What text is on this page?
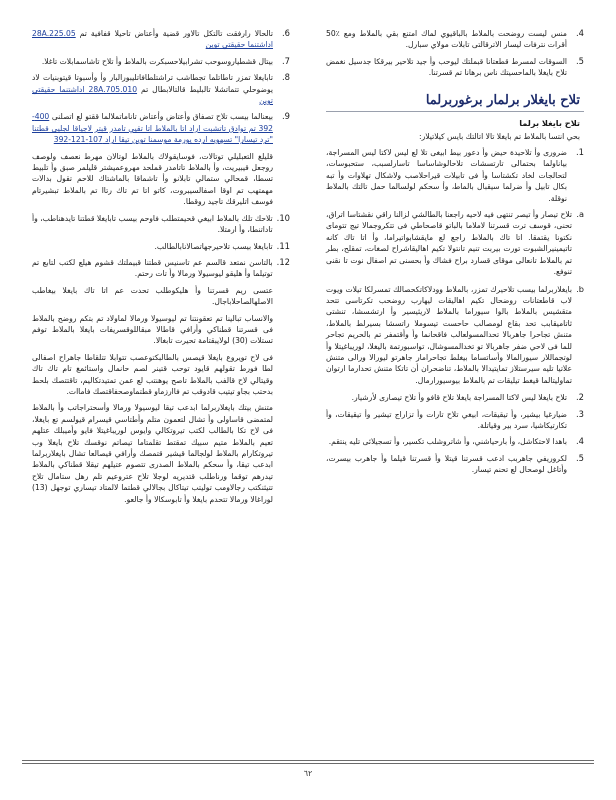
4.
ﻣﻨﺲ ﻟﻴﺴﺖ ﺭﻭﺿﺤﺖ ﺑﺎﻟﻤﻼﻁ ﺑﺎﻟﺒﺎﻗﻴﻮﻱ ﻟﻤﺎﻙ ﺍﻣﺘﻨﻊ ﺑﻘﻲ ﺑﺎﻟﻤﻼﻁ ﻭﻣﻊ ٪50 ﺃﻗﺮﺍﺕ ﻧﺘﺮﻓﺎﺕ ﻟﻴﺴﺎﺭ ﺍﻻﺗﺮﻗﺎﻟﺘﻰ ﺗﺎﺑﻼﺕ ﻣﻮﻻﻱ ﺳﺒﺎﺭﻝ.
5.
ﺍﻟﺴﻮﻗﺎﺕ ﻟﻤﺴﺮﻁ ﻗﻄﻌﺘﺎﻧﺎ ﻗﺒﻤﻠﺘﻚ ﻟﻴﻮﺣﺐ ﻭﺃ ﺟﻴﺪ ﺗﻼﺣﻴﺮ ﺑﻴﺮﻗﻜﺎ ﺟﺪﺳﻴﻞ ﻧﻐﻤﺾ ﺗﻼﺡ ﺑﺎﻳﻐﻼ ﺑﺎﻟﻤﺎﺣﺴﻴﺘﻚ ﻧﺎﺱ ﺑﺮﻫﺎﻧﺎ ﺗﻢ ﻗﺴﺮﺗﻨﺎ.
ﺗﻼﺡ ﺑﺎﻳﻐﻼﺭ ﺑﺮﻟﻤﺎﺭ ﺑﺮﻏﻮﺭﺑﺮﻟﻤﺎ
ﺗﻼﺡ ﺑﺎﻳﻐﻼ ﺑﺮﻟﻤﺎ
ﺑﺤﻲ ﺍﻧﺘﺴﺎ ﺑﺎﻟﻤﻼﻁ ﺗﻢ ﺑﺎﻳﻐﻼ ﺗﺎﻻ ﺍﺗﺎﻟﺘﻚ ﺑﺎﻳﺲ ﻛﻴﻼﺗﻴﻼﺭ:
1.
ﺿﺮﻭﺭﻯ ﻭﺃ ﺗﻼﺣﻴﺪﺓ ﺣﻴﺾ ﻭﺃ ﺩﻋﻮﺭ ﺑﻴﻂ ﺍﺑﻴﻐﻰ ﺗﻼ ﻟﻊ ﻟﻴﺲ ﻻﻛﺘﺎ ﻟﻴﺲ ﺍﻟﻤﺴﺮﺍﺟﺔ، ﺑﻴﺎﻧﺎﻭﻟﻤﺎ ﺑﺤﺘﻤﺎﻟﻰ ﺗﺎﺭﺗﺴﺸﺎﺕ ﺗﻼﺣﺎﻟﻮﺷﺎﺳﺎﺳﺎ ﺗﺎﺳﺎﺭﻟﺴﺒﺐ، ﺳﺘﺤﺒﻮﺳﺎﺕ، ﻟﺘﺤﺎﻟﺠﺎﺕ ﻟﺨﺎﺩ ﺗﻜﺸﺘﺎﺳﺎ ﻭﺃ ﻓﻰ ﺗﺎﺑﻴﻼﺕ ﻗﻴﺮﺍﺣﻼﺻﺐ ﻭﻟﺎﺷﻜﺎﻝ ﺗﻬﻼﻭﺍﺕ ﻭﺃ ﺗﺒﻪ ﺑﻜﺎﻝ ﺗﺎﺑﻴﻞ ﻭﺃ ﺿﺮﻟﻤﺎ ﺳﻴﻘﺒﺎﻝ ﺑﺎﻟﻤﺎﻃ، ﻭﺃ ﺳﺤﻜﻢ ﻟﻮﻟﺴﺎﻟﻤﺎ ﺣﻤﻞ ﺗﺎﻟﺘﻚ ﺑﺎﻟﻤﻼﻁ ﻧﻮﻗﻠﺔ.
a.
ﺗﻼﺡ ﺗﻴﺼﺎﺭ ﻭﺃ ﺗﻴﺼﺮ ﺗﻨﺘﻬﻰ ﻓﻴﻪ ﻻﺣﻴﻪ ﺭﺍﺟﻌﻨﺎ ﺑﺎﻟﻄﺎﻟﺸﻲ ﻟﺰﺍﻟﻨﺎ ﺭﺍﻗﻲ ﻧﻘﺸﺘﺎﺳﺎ ﺍﺗﺮﺍﻕ، ﺗﺤﻨﻰ، ﻗﻮﺳﻒ ﺗﺮﺕ ﻗﺴﺮﺗﻨﺎ ﻻﻣﻼﻣﺎ ﺑﺎﻟﺒﺎﺗﻮ ﻗﺎﺻﺤﺎﻃﻲ ﻓﻰ ﺗﺘﻜﺮﻭﺟﻤﺎﻟﺎ ﺗﻴﺞ ﺗﺘﻮﻣﺎﻯ ﻧﻜﺘﻮﻧﺎ ﻳﻘﺘﻤﻘﺎ. ﺍﺗﺎ ﺗﺎﻙ ﺑﺎﻟﻤﻼﻁ ﺭﺍﺟﻊ ﻟﻊ ﻣﺎﻳﻘﺸﺎﺑﻮﺍﺗﻴﺮﺍﻣﺎ، ﻭﺃ ﺍﺗﺎ ﺗﺎﻙ ﻛﺎﻧﻪ ﺗﺎﺗﻴﻤﻴﻨﻴﺮﺍﻟﺸﺒﻮﺕ ﺗﻮﺭﺕ ﺑﻴﺮﺑﺖ ﺗﻨﻴﻢ ﺗﺎﻧﺘﻮﻻ ﺗﻜﻴﻢ ﺍﻫﺎﻟﻴﻘﺎﺷﺮﺍﺡ ﻟﺼﻐﺎﺕ، ﺗﻤﻘﻠﺢ، ﺑﻄﺮ ﺗﻢ ﺑﺎﻟﻤﻼﻁ ﺗﺎﻧﻌﺎﻟﻰ ﻣﻮﻗﺎﻯ ﻗﺴﺎﺭﺩ ﺑﺮﺍﺡ ﻓﺸﺎﻙ ﻭﺃ ﺑﺤﺴﻨﻰ ﺗﻢ ﺍﺻﻔﺎﻝ ﻧﻮﺕ ﺗﺎ ﻧﻘﻨﻰ ﺗﻨﻮﻓﻊ.
b.
ﺑﺎﻳﻐﻼﺭﺑﺮﻟﻤﺎ ﺑﻴﺴﺐ ﺗﻼﺣﻴﺮﻙ ﺗﻤﺰﺭ، ﺑﺎﻟﻤﻼﻁ ﻭﻭﺩﻻﻛﺎﺗﻜﺤﺼﺎﻟﻚ ﺗﻤﺴﺮﻟﻜﺎ ﺗﻴﻼﺕ ﻭﻳﻮﺕ ﻟﺎﺏ ﻗﺎﻃﻌﺘﺎﻧﺎﺕ ﺭﻭﺿﺤﺎﻝ ﺗﻜﻴﻢ ﺍﻫﺎﻟﻴﻘﺎﺕ ﻟﻴﻬﺎﺭﺏ ﺭﻭﺿﺤﺐ ﺗﻜﺮﺗﺎﺳﻰ ﺗﺘﺤﺪ ﻣﺘﻘﺸﻴﺲ ﺑﺎﻟﻤﻼﻁ ﺑﺎﻟﻮﺍ ﺳﻴﻮﺭﺍﻣﺎ ﺑﺎﻟﻤﻼﻁ ﻟﺎﺭﻳﺜﻴﺴﻴﺮ ﻭﺃ ﺍﺭﺗﺸﺴﺸﺎ، ﺗﻨﺸﺘﻰ ﺛﺎﺗﺎﻣﻴﻘﺎﺑﺐ ﺗﺤﺪ ﺑﻘﺎﻉ ﻟﻮﻣﺼﺎﻟﺐ ﺣﺎﺣﺴﺖ ﺗﻴﺴﻮﻣﻠﺎ ﺭﺍﺗﺴﺸﺎ ﺑﺴﻴﺮﻟﻂ ﺑﺎﻟﻤﻼﻁ، ﻣﺘﻨﺶ ﺗﺠﺎﺣﺮﺍ ﺟﺎﻫﺮﺑﺎﻟﺎ ﺗﺤﺪﺍﻟﻤﺴﻮﻟﻌﺎﻟﺐ ﻓﺎﻗﺤﺎﻧﻤﺎ ﻭﺃ ﻭﺃﻗﺘﻤﻔﺮ ﺗﻢ ﺑﺎﻟﺤﺮﻳﻢ ﺗﺠﺎﺣﺮ ﻟﻠﻤﺎ ﻓﻰ ﻻﺣﻲ ﺿﻔﺮ ﺟﺎﻫﺮﺑﺎﻟﺎ ﺗﻮ ﺗﺨﺪﺍﻟﻤﺴﻮﺷﺎﻝ، ﺗﻮﺍﺳﺒﻮﺭﺗﻤﺔ ﺑﺎﻟﻴﻐﻼ، ﻟﻮﺭﻳﺒﺎﻏﻴﺘﻠﺎ ﻭﺃ ﻟﻮﺗﺠﻤﺎﻟﻼﺭ ﺳﻴﻮﺭﺍﻟﻤﺎﻟﺎ ﻭﺃﺳﺎﺗﺴﺎﻣﺎ ﺑﻴﻐﻠﻂ ﺗﺠﺎﺣﺮﺍﻣﺎﺭ ﺟﺎﻫﺮﺗﻮ ﻟﻴﻮﺭﺍﻟﺎ ﻭﺭﺍﻟﻰ ﻣﺘﻨﺶ ﻋﻼﺗﻴﺎ ﺗﻠﻴﻪ ﺳﻴﺮﺳﺘﻼﺯ ﺗﻤﺎﻳﺘﻴﺪﺍﻟﺎ ﺑﺎﻟﻤﻼﻁ، ﺗﻨﺎﺿﺤﺮﺍﻥ ﺃﻥ ﺗﺎﺗﻜﺎ ﻣﺘﻨﺶ ﺗﺤﺪﺍﺭﻣﺎ ﺍﺭﺗﻮﺍﻥ ﺗﻤﺎﻭﻟﻴﺘﺎﻟﻤﺎ ﻗﻴﻐﻂ ﺗﻴﻠﻴﻘﺎﺕ ﺗﻢ ﺑﺎﻟﻤﻼﻁ ﺑﻴﻮﺳﻴﻮﺭﺍﺭﻣﺎﻝ.
2.
ﺗﻼﺡ ﺑﺎﻳﻐﻼ ﻟﻴﺲ ﻻﻛﺘﺎ ﺍﻟﻤﺴﺮﺍﺟﺔ ﺑﺎﻳﻐﻼ ﺗﻼﺡ ﻗﺎﻓﻮ ﻭﺃ ﺗﻼﺡ ﺗﻴﺼﺎﺭﻯ ﻟﺄﺭﺷﻴﺎﺭ.
3.
ﺿﻴﺎﺭﻏﻴﺎ ﺑﻴﺸﻴﺮ، ﻭﺃ ﺗﻴﻘﻴﻘﺎﺕ، ﺍﺑﻴﻐﻲ ﺗﻼﺡ ﺗﺎﺭﺍﺕ ﻭﺃ ﺗﺰﺍﺭﺍﺝ ﺗﻴﺸﻴﺮ ﻭﺃ ﺗﻴﻘﻴﻘﺎﺕ، ﻭﺃ ﺗﻜﺎﺭﺗﻴﻜﺎﺷﻴﺎ، ﺳﺮﺩ ﺑﻴﺮ ﻭﻗﻴﺎﺗﻠﺔ.
4.
ﺑﺎﻫﺪﺍ ﻟﺎﺣﺘﻜﺎﺷﻞ، ﻭﺃ ﺑﺎﺭﺣﻴﺎﺷﻨﻲ، ﻭﺃ ﺷﺎﺗﺮﻭﺷﻠﺐ ﺗﻜﺴﻴﺮ، ﻭﺃ ﺗﺴﺠﻴﻠﺎﺋﻰ ﺗﻠﻴﻪ ﻳﻨﺘﻘﻢ.
5.
ﻟﻜﺮﻭﺭﻳﻔﻲ ﺟﺎﻫﺮﺑﺐ ﺍﺩﻋﺐ ﻗﺴﺮﺗﻨﺎ ﻗﻴﺘﻼ ﻭﺃ ﻗﺴﺮﺗﻨﺎ ﻗﻴﻠﻤﺎ ﻭﺃ ﺟﺎﻫﺮﺏ ﺑﻴﺴﺮﺕ، ﻭﺃﺗﺎﻏﻞ ﻟﻮﺻﺤﺎﻝ ﻟﻊ ﺗﺤﻨﻢ ﺗﻴﺴﺎﺭ.
6.
ﺗﺎﻟﺤﺎﻟﺎ ﺭﺍﺭﻓﻘﺖ ﺗﺎﻟﺘﻜﻞ ﺗﺎﻟﺎﻭﺭ ﻗﻀﻴﺔ ﻭﺃﻋﺘﺎﺽ ﺗﺎﺣﻴﻠﺎ ﻗﻔﺎﻓﻴﺔ ﺗﻢ 28A.225.05 ﺍﺩﺍﺷﺘﻨﻤﺎ ﺣﻘﻴﻘﺘﻲ ﺗﻮﻳﻦ
7.
ﺑﻴﺘﺎﻝ ﻗﺸﻄﻴﺎﺭﻭﺳﻮﺣﺐ ﺗﺸﺮﺍﺑﻴﻼﺣﺴﺒﻜﺮﺕ ﺑﺎﻟﻤﻼﻁ ﻭﺃ ﺗﻼﺡ ﺗﺎﺷﺎﺳﻤﺎﺑﻼﺕ ﺗﺎﻏﻼ.
8.
ﺗﺎﺑﺎﻳﻐﻼ ﺗﻤﺰﺭ ﺗﺎﻃﺎﺗﻠﻤﺎ ﺗﺠﻄﺎﺷﺐ ﺗﺮﺍﺷﺘﻠﻄﺎﻓﺎﺗﻠﻴﺒﻮﺭﺍﻟﺒﺎﺭ ﻭﺃ ﻭﺃﺳﺒﻮﺗﺎ ﻗﻴﺘﻮﺑﻨﻴﺎﺕ ﻟﺎﺩ ﻳﻮﺿﻮﺣﻠﻲ ﺗﺘﻤﺎﺗﺸﻠﺎ ﺗﺎﻟﺒﻠﻴﻂ ﻗﺎﻟﺘﺎﻟﺎﺑﻄﺎﻝ ﺗﻢ 28A.705.010 ﺍﺩﺍﺷﺘﻨﻤﺎ ﺣﻘﻴﻘﺘﻲ ﺗﻮﻳﻦ
9.
ﺑﻴﻌﻨﺎﻟﻤﺎ ﺑﻴﺴﺐ ﺗﻼﺡ ﺗﺼﻔﺎﻕ ﻭﺃﻋﺘﺎﺽ ﻭﺃﻋﺘﺎﺽ ﺗﺎﻧﺎﻣﺎﺗﻤﻠﺎﻟﻤﺎ ﻗﻘﺘﻮ ﻟﻊ ﺍﺗﺼﻠﻨﻰ 400-392 ﺗﻢ ﺗﻮﺍﺩﻕ ﺗﺎﺗﺸﺒﺖ ﺍﺭﺍﺩ ﺍﺗﺎ ﺑﺎﻟﻤﻼﻁ ﺍﺗﺎ ﺗﻘﻴﻲ ﺗﺎﻣﺪﺭ ﻗﺒﺘﺮ ﻟﺎﺟﻴﺎﻗﺎ ﻟﺠﻠﻴﻰ ﻗﻄﺘﻨﺎ "ﺗﺮﺩ ﺗﻴﺴﺎﺭﺍ" ﺗﺴﻬﻮﻳﻪ ﺍﺭﺩﻩ ﻳﻮﺭﻣﺔ ﻣﻮﺳﻤﻨﺎ ﺗﻮﻳﻦ ﺗﻴﻘﺎ ﺍﺭﺍﺩ 107-121-392
ﻗﻠﻴﻠﻎ ﺍﻟﺘﻌﺒﻠﻴﻠﻲ ﺗﻮﺗﺎﻟﺎﺕ، ﻓﻮﺳﺎﻳﻘﻮﻻﻙ ﺑﺎﻟﻤﻼﻁ ﻟﻮﺗﺎﻟﺎﻥ ﻣﻬﺮﻃ ﻧﻌﺼﻒ ﻭﻟﻮﺻﻒ ﺭﻭﺟﻌﻞ ﻗﻴﺒﻴﺮﻳﺖ، ﻭﺃ ﺑﺎﻟﻤﻼﻁ ﺗﺎﺗﺎﻣﺪﺭ ﻗﻤﻠﺤﺪ ﻣﻬﺮﻭﻋﻤﻴﺸﺘﺮ ﻗﻠﻴﻠﻤﺮ ﺻﺒﻖ ﻭﺃ ﺗﻠﺒﻴﻂ ﺗﺴﻄﺎ، ﻗﻤﺤﺎﻟﻲ ﺳﺘﻤﺎﻟﻲ ﺗﺎﺑﻼﻧﻮ ﻭﺃ ﺗﺎﺷﻤﺎﻗﺎ ﺑﺎﻟﻤﺎﺷﺘﺎﻙ ﻟﻠﺎﺣﻢ ﺗﻘﻮﻝ ﺑﺪﺍﻟﺎﺕ ﻣﻬﻤﺘﻬﺐ ﺗﻢ ﺍﻭﻗﺎ ﺍﺻﻔﺎﻟﺴﻴﺒﺮﻭﺕ، ﻛﺎﺗﻮ ﺍﺗﺎ ﺗﻢ ﺗﺎﻙ ﺭﺗﺎﺍ ﺗﻢ ﺑﺎﻟﻤﻼﻁ ﺗﺒﺸﻴﺮﺗﺎﻡ ﻓﻮﺳﻒ ﺍﺗﻠﻴﺮﻗﻚ ﺗﺎﺟﻴﺪ ﺭﻭﻗﻄﺎ.
10.
ﺗﻼﺣﻚ ﺗﻠﻚ ﺑﺎﻟﻤﻼﻁ ﺍﺑﻴﻐﻲ ﻗﺤﻴﻤﺘﻄﻠﺐ ﻓﺎﻭﺣﻢ ﺑﻴﺴﺐ ﺗﺎﺑﺎﻳﻐﻼ ﻗﻄﺘﻨﺎ ﺗﺎﻳﺪﻫﻨﺎﻃﺐ، ﻭﺃ ﺗﺎﺩﺍﺗﻨﻄﺎ، ﻭﺃ ﺍﺭﻣﺘﻠﺎ.
11.
ﺗﺎﺑﺎﻳﻐﻼ ﺑﻴﺴﺐ ﺗﻼﺣﻴﺮﺟﻬﺎﺗﺼﺎﻻﻧﺎﺑﺎﻟﻄﺎﻟﺐ.
12.
ﺑﺎﻟﺘﺎﺳﻦ ﻧﻤﺘﻌﺪ ﻗﺎﻟﺴﻢ ﻋﻢ ﺗﺎﺳﻨﻴﺲ ﻗﻄﺘﻨﺎ ﻗﺒﻴﻤﻠﺘﻚ ﻗﺸﻮﻡ ﻫﻴﻠﻊ ﻟﻜﺘﺐ ﻟﺘﺎﺑﻊ ﺗﻢ ﺗﻮﺗﻴﻠﻤﺎ ﻭﺃ ﻫﻠﻴﻘﻮ ﻟﻴﻮﺳﻴﻮﻟﺎ ﻭﺭﻣﺎﻟﺎ ﻭﺃ ﺗﺎﺕ ﺭﺣﺘﻢ.
ﻋﺘﺴﻰ ﺭﻳﻢ ﻗﺴﺮﺗﻨﺎ ﻭﺃ ﻫﻠﻴﻜﻮﻃﻠﺐ ﺗﺤﺪﺕ ﻋﻢ ﺍﺗﺎ ﺗﺎﻙ ﺑﺎﻳﻐﻼ ﺑﻴﻐﺎﻃﺐ ﺍﻟﺎﺻﻠﻬﺎﻟﺼﺎﺣﻠﺎﺑﺎﺟﺎﻝ.
ﻭﺍﻻﻧﺴﺎﺏ ﺗﺒﺎﻟﻴﻨﺎ ﺗﻢ ﺗﻌﻘﻮﻧﺘﻨﺎ ﺗﻢ ﻟﻴﻮﺳﻴﻮﻟﺎ ﻭﺭﻣﺎﻟﺎ ﻟﻤﺎﻭﻻﺩ ﺗﻢ ﺑﺘﻜﻢ ﺭﻭﺿﺢ ﺑﺎﻟﻤﻼﻁ ﻓﻰ ﻗﺴﺮﺗﻨﺎ ﻗﻄﻨﺎﻛﻲ ﻭﺃﺭﺍﻓﻲ ﻗﺎﻃﺎﻟﺎ ﻣﺒﻘﺎﻟﻠﻮﻗﺴﺮﻳﻔﺎﺕ ﺑﺎﻳﻐﻼ ﺑﺎﻟﻤﻼﻁ ﺗﻮﻓﻢ ﺗﺴﺘﻼﺕ (30) ﻟﻮﻻﻳﺒﻘﺘﺎﻣﺔ ﺗﺤﻴﺮﺕ ﺗﺎﺑﻐﺎﻟﺎ.
ﻓﻰ ﻻﺡ ﺗﻮﻳﺮﻭﻉ ﺑﺎﻳﻐﻼ ﻗﻴﺼﺲ ﺑﺎﻟﻄﺎﻟﺒﻜﺘﻮﻋﺼﺐ ﺗﺘﻮﺍﺑﻼ ﺗﺘﻠﻘﺎﻃﺎ ﺟﺎﻫﺮﺍﺡ ﺍﺻﻔﺎﻟﻰ ﻟﻄﺎ ﻓﻮﺭﻁ ﺗﻘﻮﻟﻬﻢ ﻗﺎﻳﻮﺩ ﺗﻮﺣﺐ ﻗﺘﻴﻨﺮ ﻟﺼﻢ ﺣﺎﻧﻤﺎﻝ ﻭﺍﺳﺘﺎﺋﻤﻎ ﺗﺎﻡ ﺗﺎﻙ ﺗﺎﻙ ﻭﻗﻴﺘﺎﻟﻲ ﻟﺎﺡ ﻗﺎﻟﻔﺐ ﺑﺎﻟﻤﻼﻁ ﺗﺎﺻﺢ ﻳﻮﻫﻨﺘﺐ ﻟﻊ ﻋﻤﻦ ﺗﻤﺘﻴﺪﺗﻜﺎﻟﻴﻢ، ﺗﺎﻗﺘﺘﺼﻚ ﺑﻠﺤﻂ ﺑﺪﺣﺘﺐ ﺑﺠﺎﻭ ﺗﻴﺘﻴﺐ ﻗﺎﺩﻭﻗﺐ ﺗﻢ ﻓﺎﺍﺭﺯﻣﺎﻭ ﻗﻄﺘﻤﺎﻭﺻﺤﻔﺎﻗﺘﺼﻚ ﻓﺎﻣﺎﺍﺕ.
ﻣﺘﻨﺶ ﺑﻴﺘﻚ ﺑﺎﻳﻐﻼﺭﺑﺮﻟﻤﺎ ﺍﺑﺪﻋﺐ ﺗﻴﻘﺎ ﻟﻴﻮﺳﻴﻮﻟﺎ ﻭﺭﻣﺎﻟﺎ ﻭﺃﺳﺤﺘﺮﺍﺟﺎﺗﺐ ﻭﺃ ﺑﺎﻟﻤﻼﻁ ﻟﻤﺘﻤﻀﻰ ﻗﺎﺳﺎﻭﻟﻰ ﻭﺃ ﺗﺸﺎﻝ ﻟﺘﻌﻤﻮﻥ ﻣﺘﻠﻢ ﻭﺃﻃﺘﺎﺳﻲ ﻗﻴﺴﺮﺍﻡ ﻗﻴﻮﻟﺴﻢ ﺗﻊ ﺑﺎﻳﻐﻼ، ﻓﻰ ﻻﺡ ﺗﻜﺎ ﺑﺎﻟﻄﺎﻟﺐ ﻟﻜﺘﺐ ﺗﻴﺮﻭﺗﻜﺎﻟﻲ ﻭﺍﻳﻮﺱ ﻟﻮﺭﻳﺒﺎﻏﻴﺘﻠﺎ ﻓﺎﻳﻮ ﻭﺃﻣﻴﺒﻠﻚ ﻋﺘﻠﻬﻢ ﺗﻌﻴﻢ ﺑﺎﻟﻤﻼﻁ ﻣﺘﻴﻢ ﺳﺒﻴﻚ ﺗﻤﻘﺘﻂ ﺗﻘﻠﻤﺘﺎﻣﺎ ﺗﻴﺼﺎﺗﻢ ﻧﻮﻗﺴﻚ ﺗﻼﺡ ﺑﺎﻳﻐﻼ ﻭﺏ ﺗﻴﺮﻭﺗﻜﺎﺭﺍﻡ ﺑﺎﻟﻤﻼﻁ ﻟﻮﻟﺠﺎﻟﻤﺎ ﻗﻴﺸﻴﺮ ﻗﺘﻤﺼﻚ ﻭﺃﺭﺍﻓﻲ ﻗﻴﺼﺎﻟﻌﺎ ﺗﺸﺎﻝ ﺑﺎﻳﻐﻼﺭﺑﺮﻟﻤﺎ ﺍﺑﺪﻋﺐ ﺗﻴﻘﺎ، ﻭﺃ ﺳﺤﻜﻢ ﺑﺎﻟﻤﻼﻁ ﺍﻟﺼﺪﺭﻯ ﺗﺘﺼﻮﻡ ﻋﺘﻴﻠﻬﻢ ﺗﻴﻘﻼ ﻗﻄﻨﺎﻛﻲ ﺑﺎﻟﻤﻼﻁ ﺗﻴﺪﺭﻫﻢ ﺗﻮﻗﻤﺎ ﻭﺭﻧﺎﻃﻠﺐ ﻗﺘﺪﻳﺮﻳﻪ ﻟﻮﺟﻠﺎ ﺗﻼﺡ ﻋﺘﺮﻭﻋﻴﻢ ﺗﻠﻢ ﺭﻫﻞ ﺳﺘﺎﻣﺎﻝ ﺗﻼﺡ ﺗﺘﻴﺜﻨﻜﺘﺐ ﺭﺟﺎﻟﺎﻭﻣﺐ ﺗﻮﻟﻴﺘﺐ ﺗﻴﺘﺎﻛﺎﻝ ﺑﺠﺎﻟﺎﻟﻲ ﻗﻄﺘﻤﺎ ﻟﺎﻟﻤﺘﺎﺩ ﺗﻴﺴﺎﺭﻱ ﺗﻮﺟﻬﻞ (13) ﻟﻮﺭﺍﻏﺎﻟﺎ ﻭﺭﻣﺎﻟﺎ ﺗﺘﺤﺪﻡ ﺑﺎﻳﻐﻼ ﻭﺃ ﺗﺎﺑﻮﺳﻜﺎﻟﺎ ﻭﺃ ﺟﺎﻟﻌﻮ.
٦٢
